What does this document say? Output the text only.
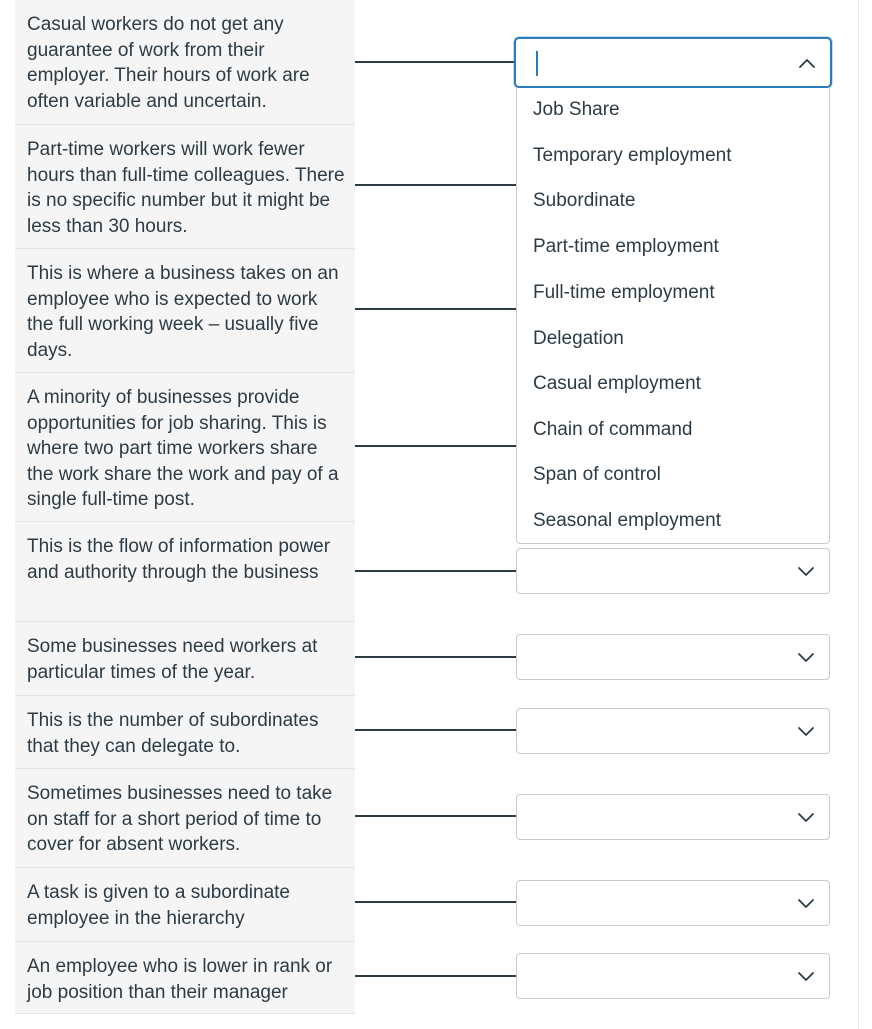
Casual workers do not get any guarantee of work from their employer. Their hours of work are often variable and uncertain.
Part-time workers will work fewer hours than full-time colleagues. There is no specific number but it might be less than 30 hours.
This is where a business takes on an employee who is expected to work the full working week – usually five days.
A minority of businesses provide opportunities for job sharing. This is where two part time workers share the work share the work and pay of a single full-time post.
This is the flow of information power and authority through the business
Some businesses need workers at particular times of the year.
This is the number of subordinates that they can delegate to.
Sometimes businesses need to take on staff for a short period of time to cover for absent workers.
A task is given to a subordinate employee in the hierarchy
An employee who is lower in rank or job position than their manager
Job Share
Temporary employment
Subordinate
Part-time employment
Full-time employment
Delegation
Casual employment
Chain of command
Span of control
Seasonal employment
